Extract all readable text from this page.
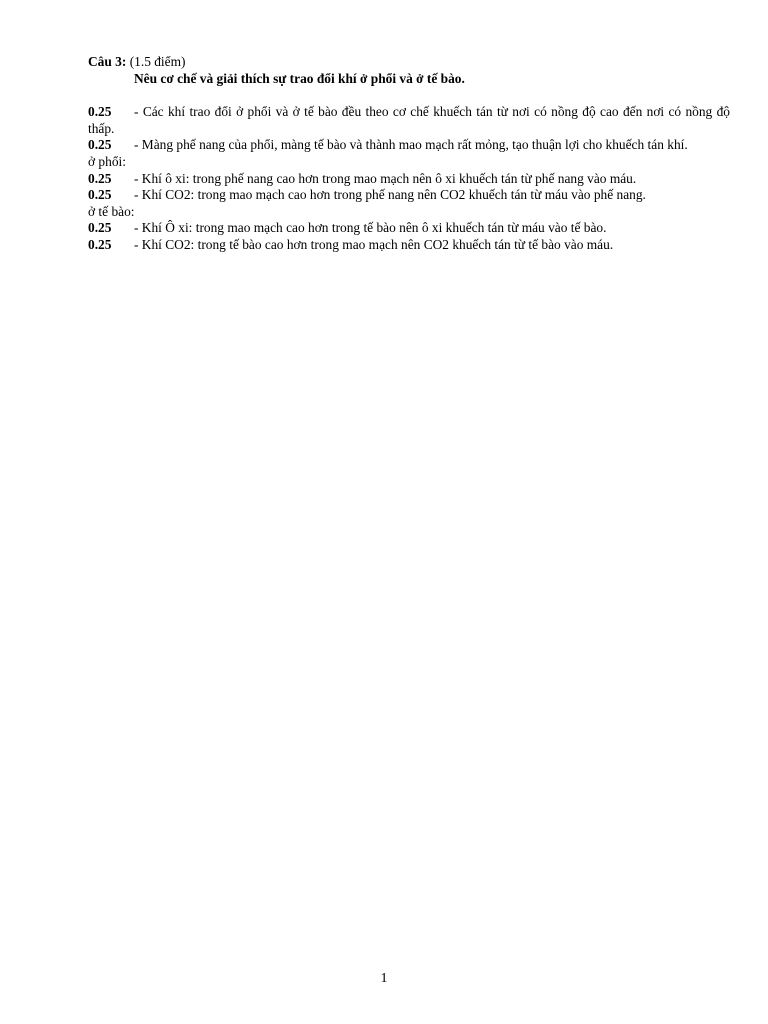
Câu 3: (1.5 điểm)
Nêu cơ chế và giải thích sự trao đổi khí ở phổi và ở tế bào.
0.25 - Các khí trao đổi ở phổi và ở tế bào đều theo cơ chế khuếch tán từ nơi có nồng độ cao đến nơi có nồng độ thấp.
0.25 - Màng phế nang của phổi, màng tế bào và thành mao mạch rất mỏng, tạo thuận lợi cho khuếch tán khí.
ở phổi:
0.25 - Khí ô xi: trong phế nang cao hơn trong mao mạch nên ô xi khuếch tán từ phế nang vào máu.
0.25 - Khí CO2: trong mao mạch cao hơn trong phế nang nên CO2 khuếch tán từ máu vào phế nang.
ở tế bào:
0.25 - Khí Ô xi: trong mao mạch cao hơn trong tế bào nên ô xi khuếch tán từ máu vào tế bào.
0.25 - Khí CO2: trong tế bào cao hơn trong mao mạch nên CO2 khuếch tán từ tế bào vào máu.
1
